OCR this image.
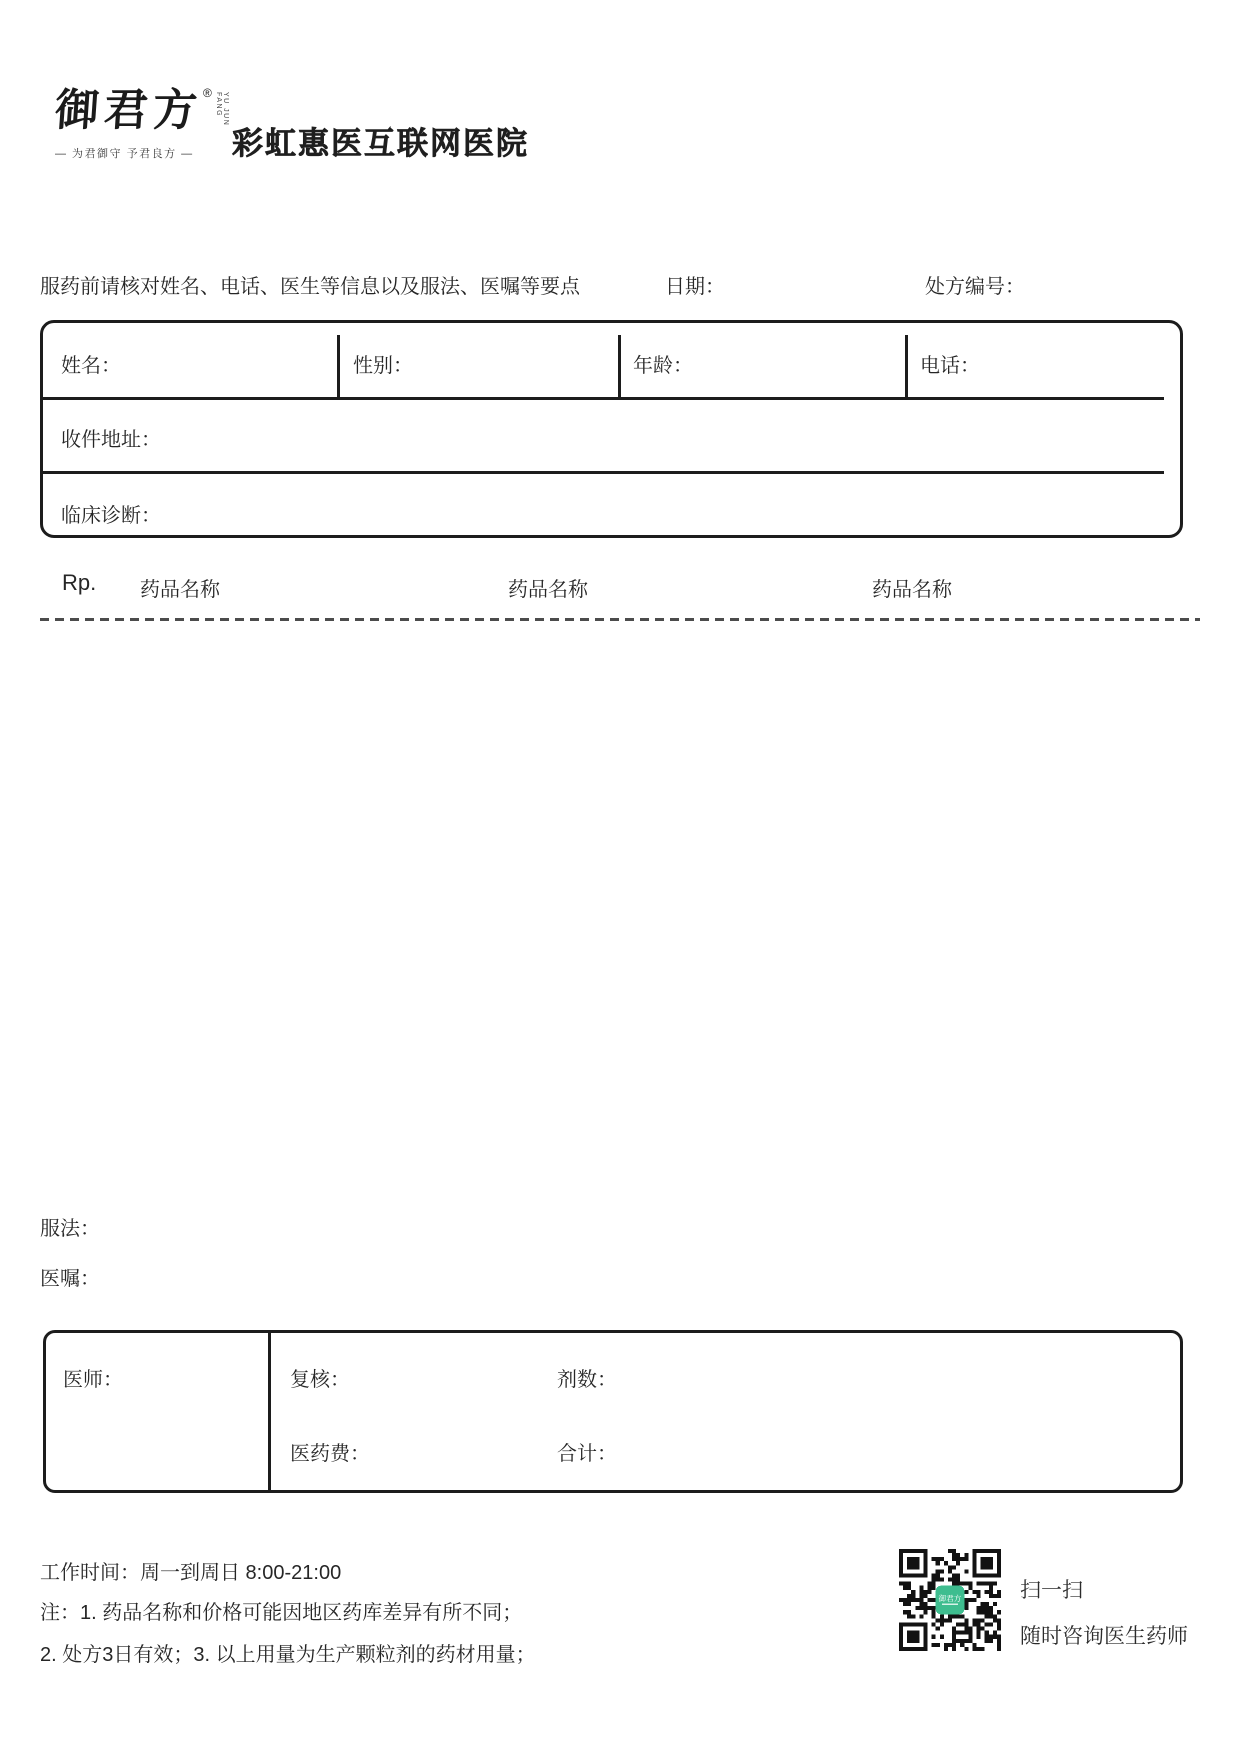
御君方 ®	YU JUN FANG
— 为君御守 予君良方 —	彩虹惠医互联网医院
服药前请核对姓名、电话、医生等信息以及服法、医嘱等要点	日期：	处方编号：
姓名：	性别：	年龄：	电话：
收件地址：
临床诊断：
Rp. 药品名称	药品名称	药品名称
服法：
医嘱：
医师：	复核：	剂数：
医药费：	合计：
工作时间：周一到周日 8:00-21:00
注：1. 药品名称和价格可能因地区药库差异有所不同；
2. 处方3日有效；3. 以上用量为生产颗粒剂的药材用量；
御君方	扫一扫
随时咨询医生药师
